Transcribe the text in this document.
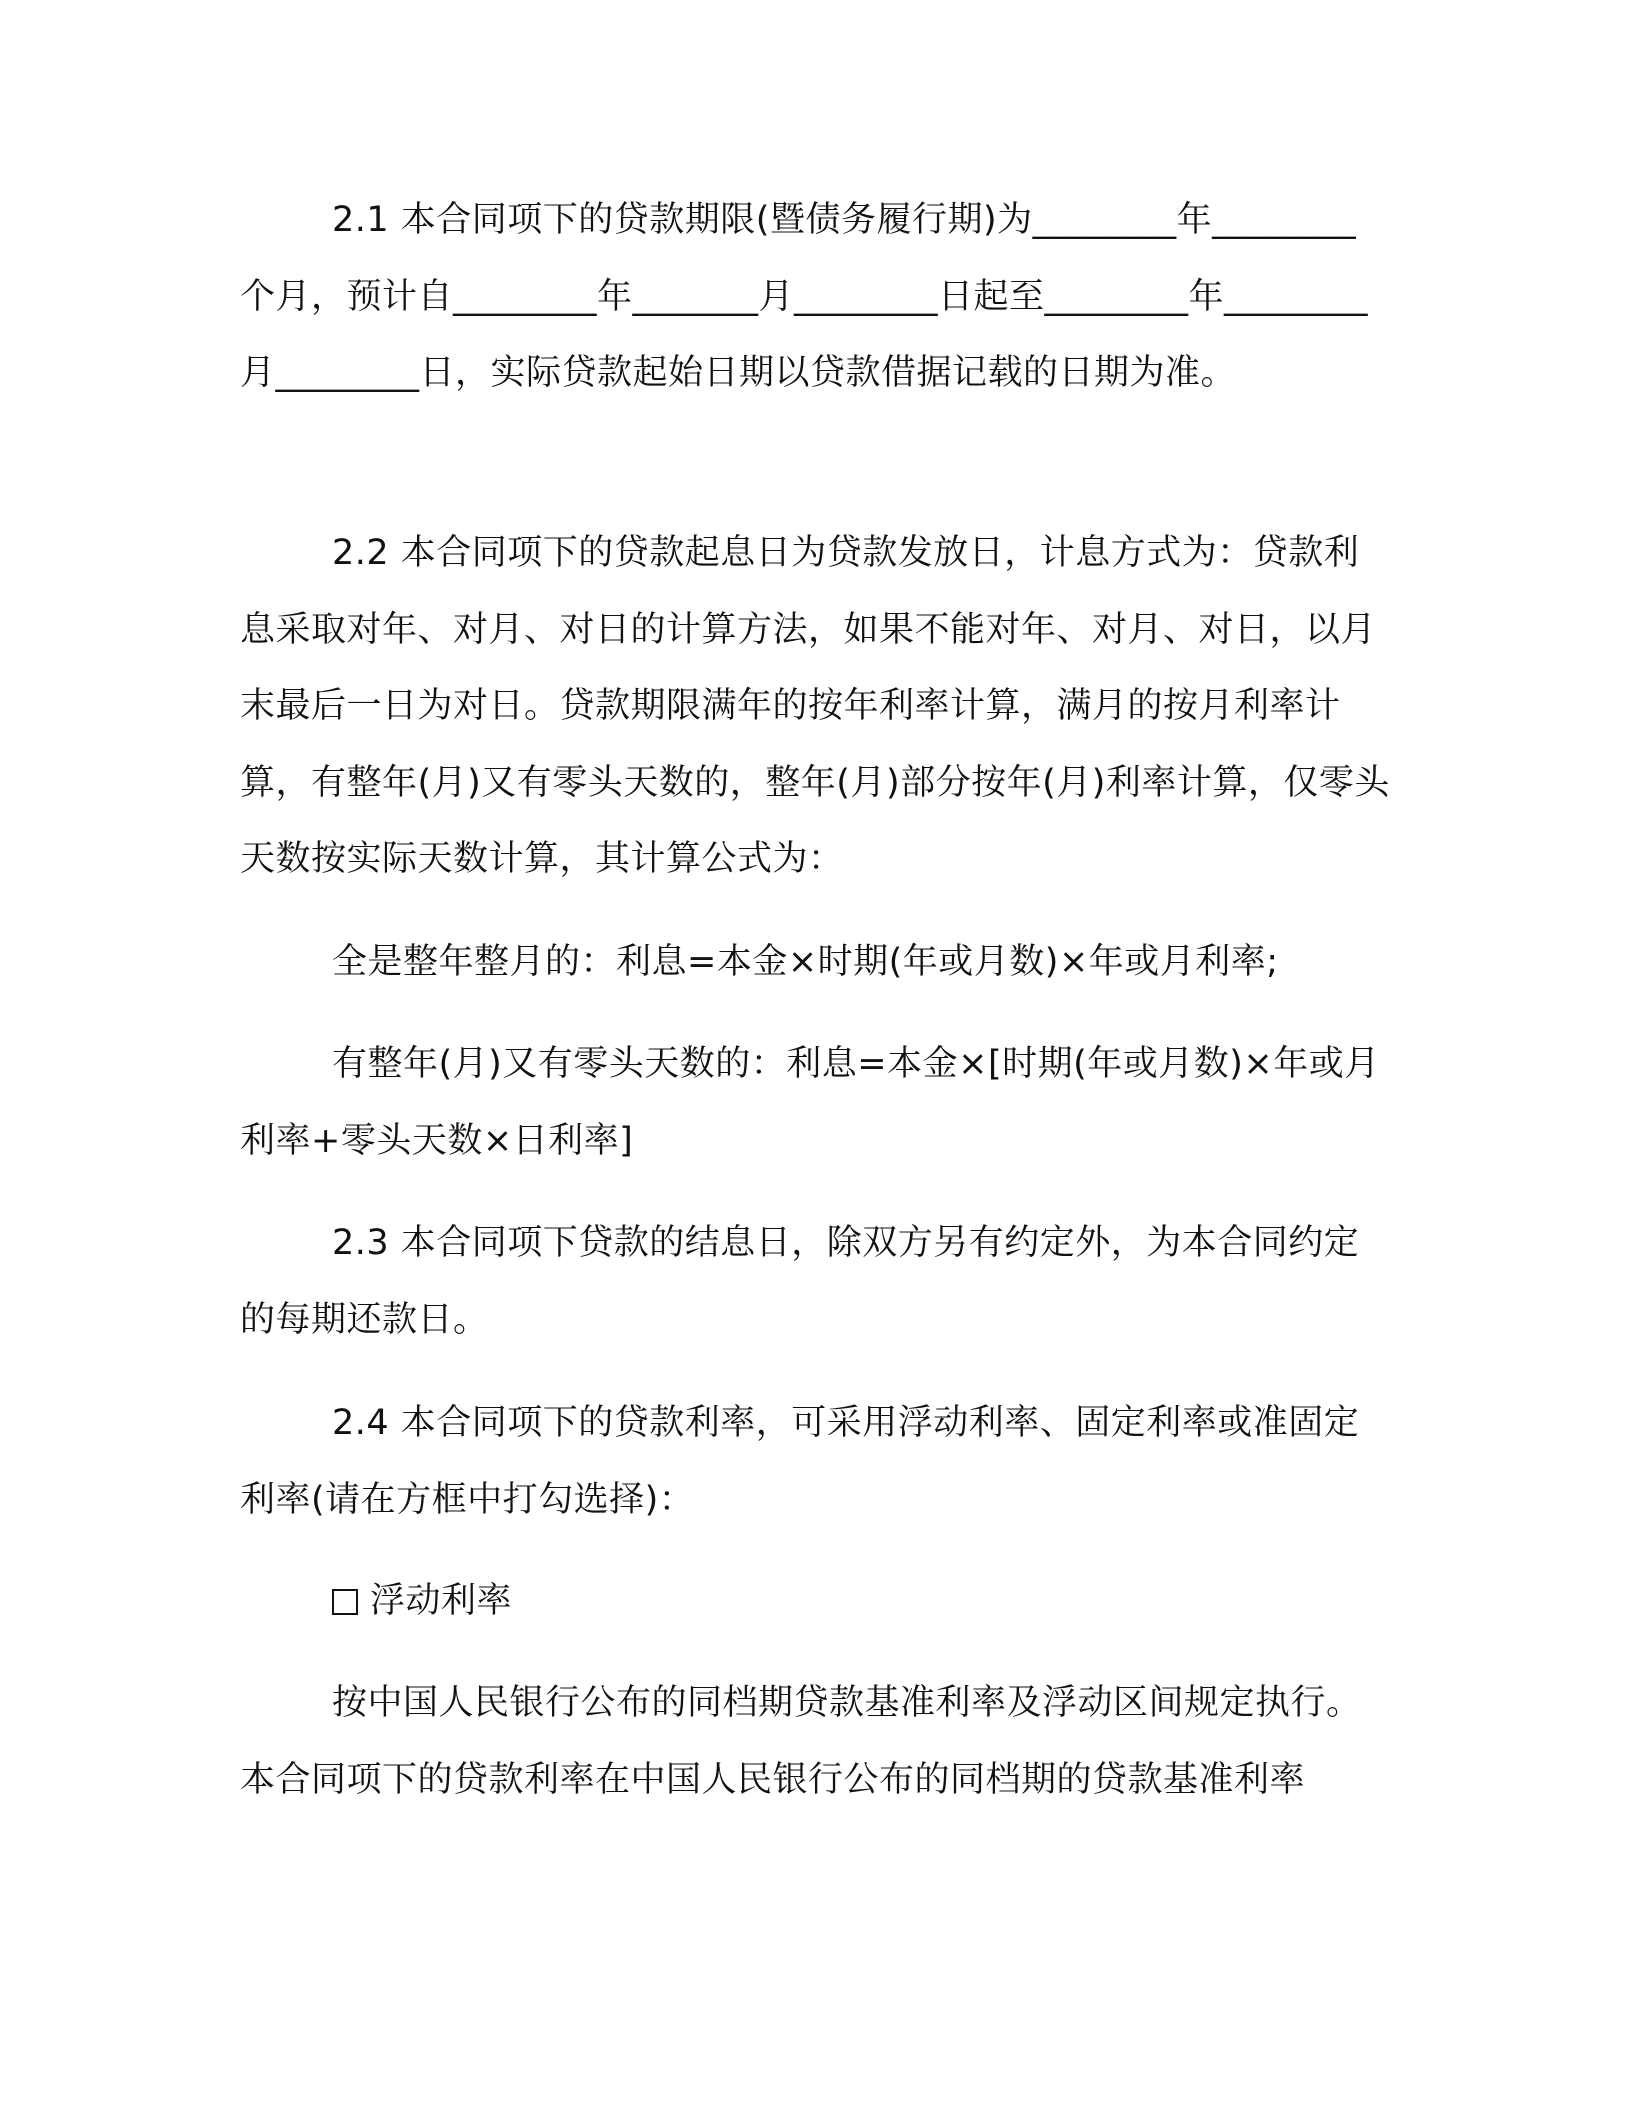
2.1 本合同项下的贷款期限(暨债务履行期)为________年________个月，预计自________年_______月________日起至________年________月________日，实际贷款起始日期以贷款借据记载的日期为准。

2.2 本合同项下的贷款起息日为贷款发放日，计息方式为：贷款利息采取对年、对月、对日的计算方法，如果不能对年、对月、对日，以月末最后一日为对日。贷款期限满年的按年利率计算，满月的按月利率计算，有整年(月)又有零头天数的，整年(月)部分按年(月)利率计算，仅零头天数按实际天数计算，其计算公式为：

全是整年整月的：利息=本金×时期(年或月数)×年或月利率;

有整年(月)又有零头天数的：利息=本金×[时期(年或月数)×年或月利率+零头天数×日利率]

2.3 本合同项下贷款的结息日，除双方另有约定外，为本合同约定的每期还款日。

2.4 本合同项下的贷款利率，可采用浮动利率、固定利率或准固定利率(请在方框中打勾选择)：

浮动利率

按中国人民银行公布的同档期贷款基准利率及浮动区间规定执行。本合同项下的贷款利率在中国人民银行公布的同档期的贷款基准利率
